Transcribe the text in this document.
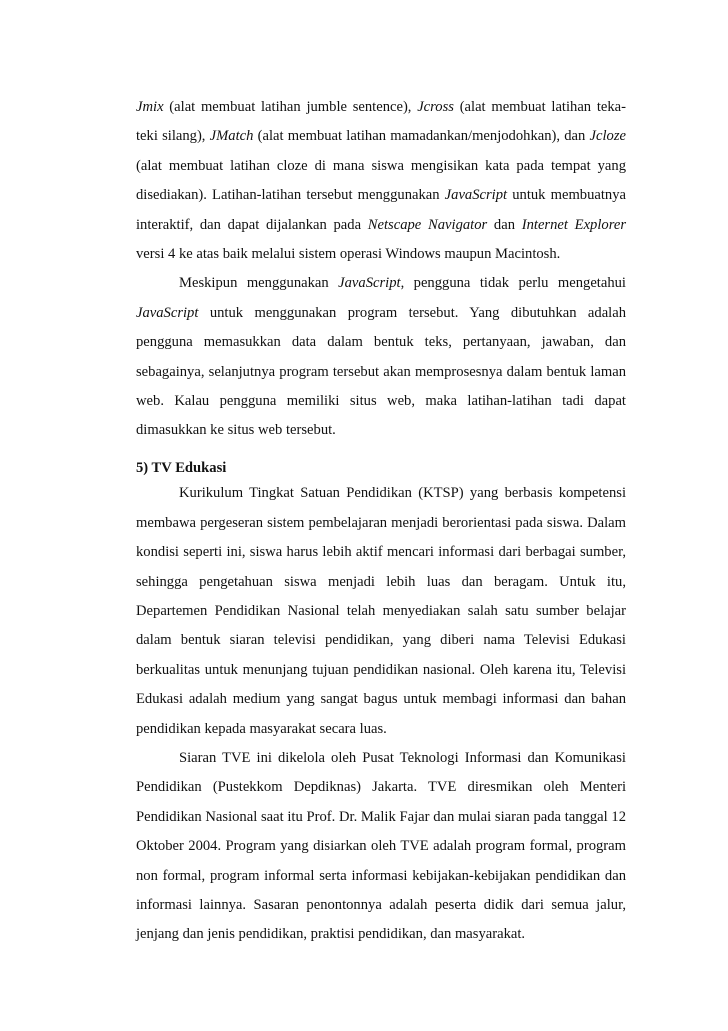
Jmix (alat membuat latihan jumble sentence), Jcross (alat membuat latihan teka-teki silang), JMatch (alat membuat latihan mamadankan/menjodohkan), dan Jcloze (alat membuat latihan cloze di mana siswa mengisikan kata pada tempat yang disediakan). Latihan-latihan tersebut menggunakan JavaScript untuk membuatnya interaktif, dan dapat dijalankan pada Netscape Navigator dan Internet Explorer versi 4 ke atas baik melalui sistem operasi Windows maupun Macintosh.

Meskipun menggunakan JavaScript, pengguna tidak perlu mengetahui JavaScript untuk menggunakan program tersebut. Yang dibutuhkan adalah pengguna memasukkan data dalam bentuk teks, pertanyaan, jawaban, dan sebagainya, selanjutnya program tersebut akan memprosesnya dalam bentuk laman web. Kalau pengguna memiliki situs web, maka latihan-latihan tadi dapat dimasukkan ke situs web tersebut.

5) TV Edukasi

Kurikulum Tingkat Satuan Pendidikan (KTSP) yang berbasis kompetensi membawa pergeseran sistem pembelajaran menjadi berorientasi pada siswa. Dalam kondisi seperti ini, siswa harus lebih aktif mencari informasi dari berbagai sumber, sehingga pengetahuan siswa menjadi lebih luas dan beragam. Untuk itu, Departemen Pendidikan Nasional telah menyediakan salah satu sumber belajar dalam bentuk siaran televisi pendidikan, yang diberi nama Televisi Edukasi berkualitas untuk menunjang tujuan pendidikan nasional. Oleh karena itu, Televisi Edukasi adalah medium yang sangat bagus untuk membagi informasi dan bahan pendidikan kepada masyarakat secara luas.

Siaran TVE ini dikelola oleh Pusat Teknologi Informasi dan Komunikasi Pendidikan (Pustekkom Depdiknas) Jakarta. TVE diresmikan oleh Menteri Pendidikan Nasional saat itu Prof. Dr. Malik Fajar dan mulai siaran pada tanggal 12 Oktober 2004. Program yang disiarkan oleh TVE adalah program formal, program non formal, program informal serta informasi kebijakan-kebijakan pendidikan dan informasi lainnya. Sasaran penontonnya adalah peserta didik dari semua jalur, jenjang dan jenis pendidikan, praktisi pendidikan, dan masyarakat.
